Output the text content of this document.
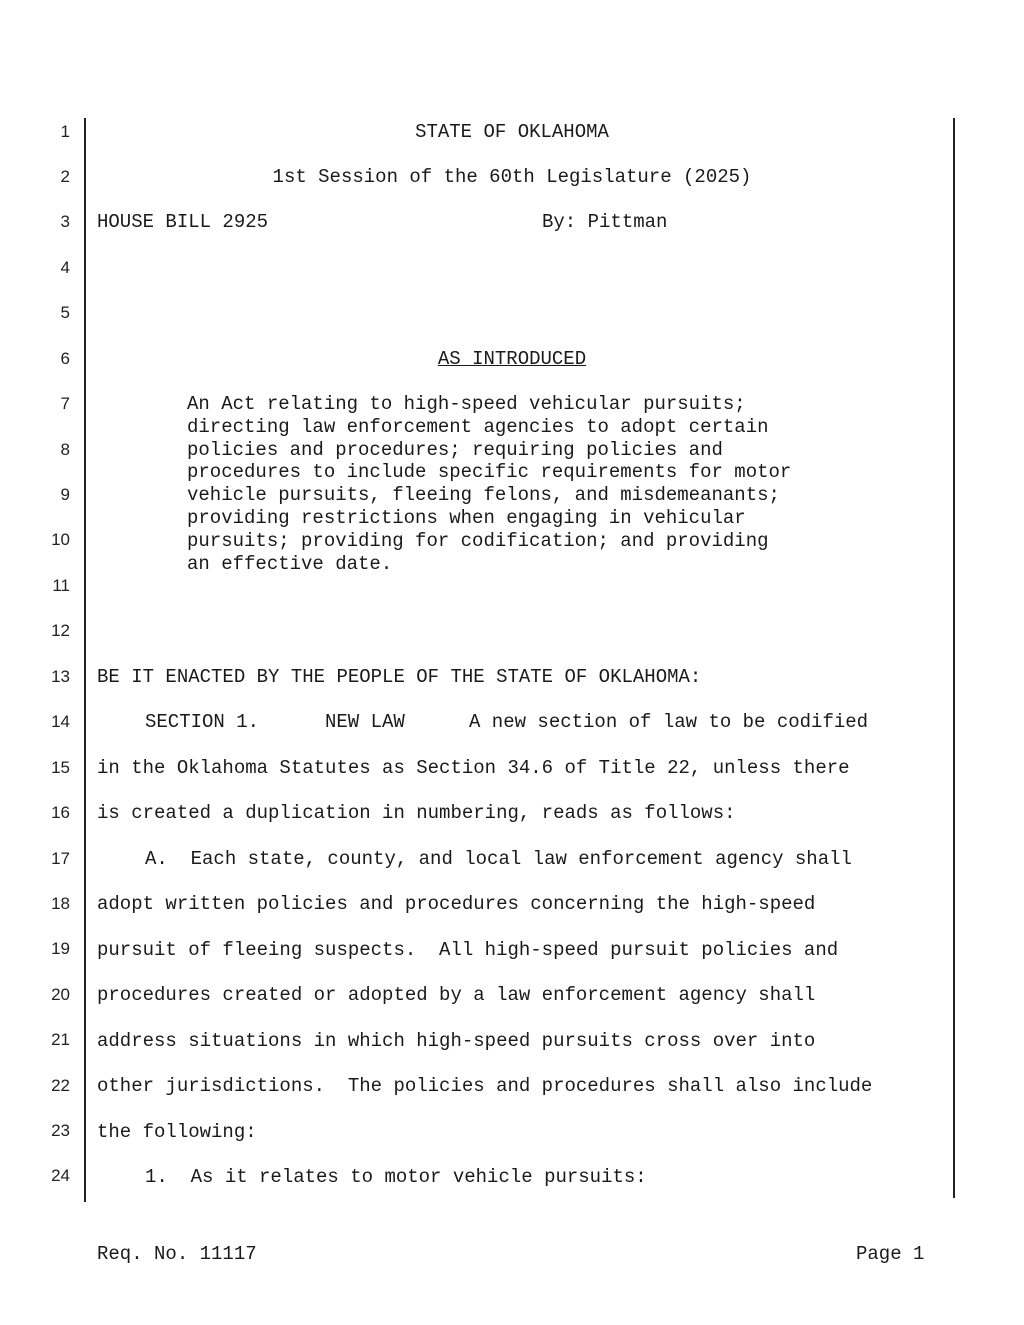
1
2
3
4
5
6
7
8
9
10
11
12
13
14
15
16
17
18
19
20
21
22
23
24
STATE OF OKLAHOMA
1st Session of the 60th Legislature (2025)
HOUSE BILL 2925	By: Pittman
AS INTRODUCED
An Act relating to high-speed vehicular pursuits;
directing law enforcement agencies to adopt certain
policies and procedures; requiring policies and
procedures to include specific requirements for motor
vehicle pursuits, fleeing felons, and misdemeanants;
providing restrictions when engaging in vehicular
pursuits; providing for codification; and providing
an effective date.
BE IT ENACTED BY THE PEOPLE OF THE STATE OF OKLAHOMA:
SECTION 1.	NEW LAW	A new section of law to be codified
in the Oklahoma Statutes as Section 34.6 of Title 22, unless there
is created a duplication in numbering, reads as follows:
A.  Each state, county, and local law enforcement agency shall
adopt written policies and procedures concerning the high-speed
pursuit of fleeing suspects.  All high-speed pursuit policies and
procedures created or adopted by a law enforcement agency shall
address situations in which high-speed pursuits cross over into
other jurisdictions.  The policies and procedures shall also include
the following:
1.  As it relates to motor vehicle pursuits:
Req. No. 11117	Page 1
